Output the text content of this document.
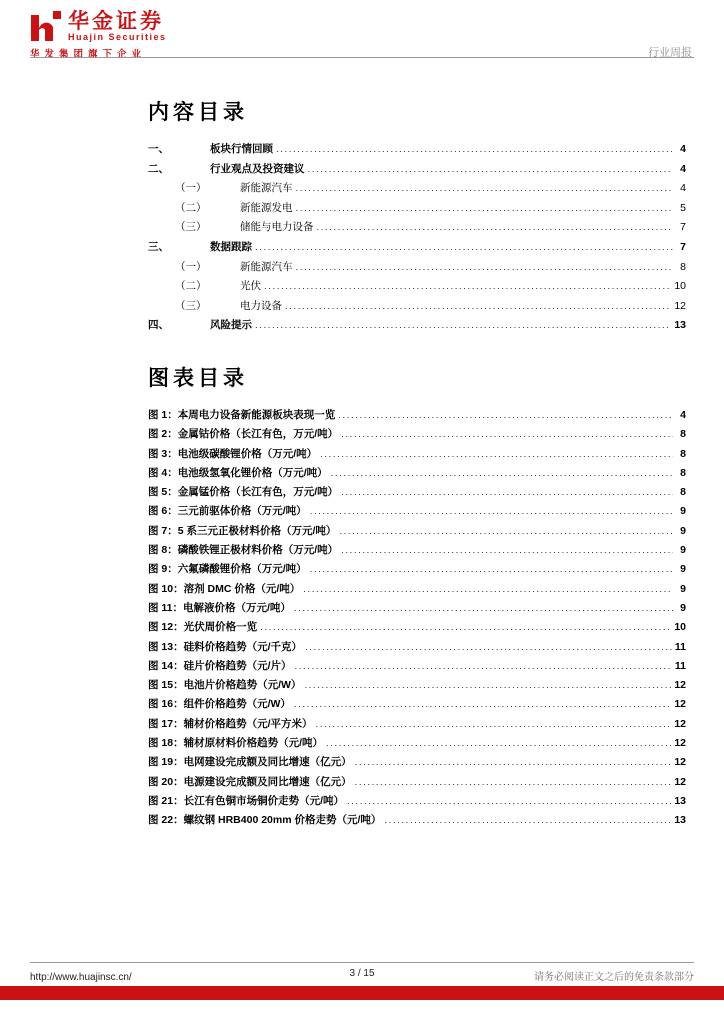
华金证券
Huajin Securities
华发集团旗下企业	行业周报
内容目录
一、	板块行情回顾 .....	4
二、	行业观点及投资建议 .....	4
（一）	新能源汽车 .....	4
（二）	新能源发电 .....	5
（三）	储能与电力设备 .....	7
三、	数据跟踪 .....	7
（一）	新能源汽车 .....	8
（二）	光伏 .....	10
（三）	电力设备 .....	12
四、	风险提示 .....	13
图表目录
图 1：本周电力设备新能源板块表现一览 .....	4
图 2：金属钴价格（长江有色，万元/吨） .....	8
图 3：电池级碳酸锂价格（万元/吨） .....	8
图 4：电池级氢氧化锂价格（万元/吨） .....	8
图 5：金属锰价格（长江有色，万元/吨） .....	8
图 6：三元前驱体价格（万元/吨） .....	9
图 7：5 系三元正极材料价格（万元/吨） .....	9
图 8：磷酸铁锂正极材料价格（万元/吨） .....	9
图 9：六氟磷酸锂价格（万元/吨） .....	9
图 10：溶剂 DMC 价格（元/吨） .....	9
图 11：电解液价格（万元/吨） .....	9
图 12：光伏周价格一览 .....	10
图 13：硅料价格趋势（元/千克） .....	11
图 14：硅片价格趋势（元/片） .....	11
图 15：电池片价格趋势（元/W） .....	12
图 16：组件价格趋势（元/W） .....	12
图 17：辅材价格趋势（元/平方米） .....	12
图 18：辅材原材料价格趋势（元/吨） .....	12
图 19：电网建设完成额及同比增速（亿元） .....	12
图 20：电源建设完成额及同比增速（亿元） .....	12
图 21：长江有色铜市场铜价走势（元/吨） .....	13
图 22：螺纹钢 HRB400 20mm 价格走势（元/吨） .....	13
http://www.huajinsc.cn/	3 / 15	请务必阅读正文之后的免责条款部分
